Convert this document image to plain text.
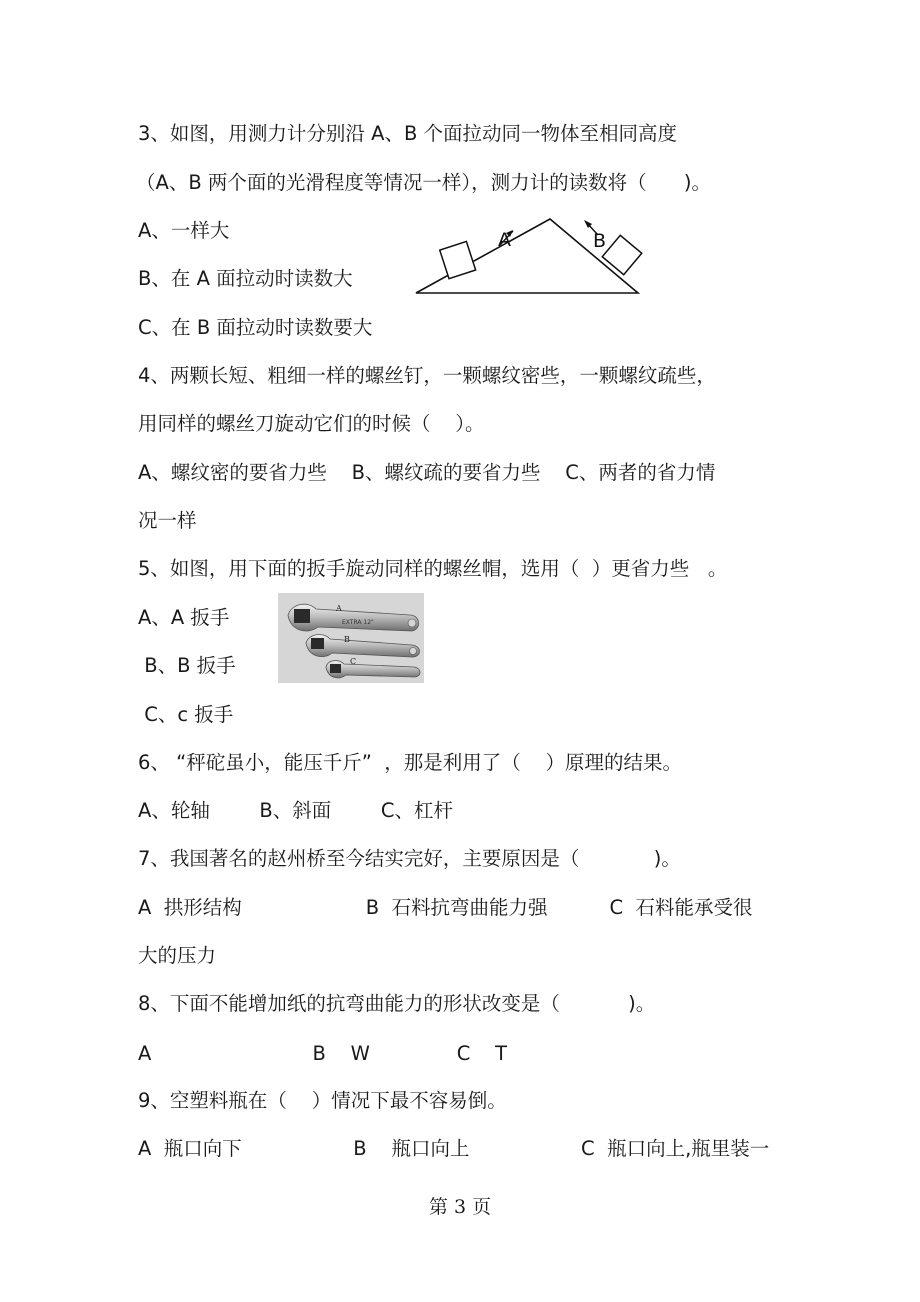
3、如图，用测力计分别沿 A、B 个面拉动同一物体至相同高度
（A、B 两个面的光滑程度等情况一样），测力计的读数将（      )。
A、一样大
B、在 A 面拉动时读数大
C、在 B 面拉动时读数要大
A	B
4、两颗长短、粗细一样的螺丝钉，一颗螺纹密些，一颗螺纹疏些，
用同样的螺丝刀旋动它们的时候（    ）。
A、螺纹密的要省力些    B、螺纹疏的要省力些    C、两者的省力情
况一样
5、如图，用下面的扳手旋动同样的螺丝帽，选用（  ）更省力些   。
A、A 扳手
B、B 扳手
C、c 扳手
EXTRA 12"
A
B
C
6、 “秤砣虽小，能压千斤”  ，那是利用了（    ）原理的结果。
A、轮轴        B、斜面        C、杠杆
7、我国著名的赵州桥至今结实完好，主要原因是（            )。
A  拱形结构                    B  石料抗弯曲能力强          C  石料能承受很
大的压力
8、下面不能增加纸的抗弯曲能力的形状改变是（           )。
A                          B    W              C    T
9、空塑料瓶在（    ）情况下最不容易倒。
A  瓶口向下                  B    瓶口向上                  C  瓶口向上,瓶里装一
第 3 页
